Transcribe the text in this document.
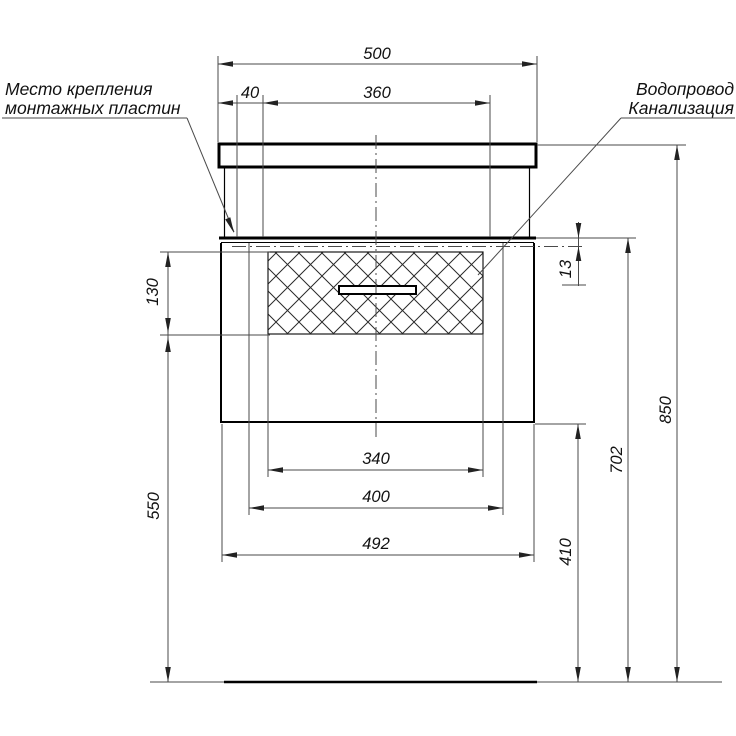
500
40	360
340
400
492
130
550
410
702
850
13
Место крепления
монтажных пластин
Водопровод
Канализация
